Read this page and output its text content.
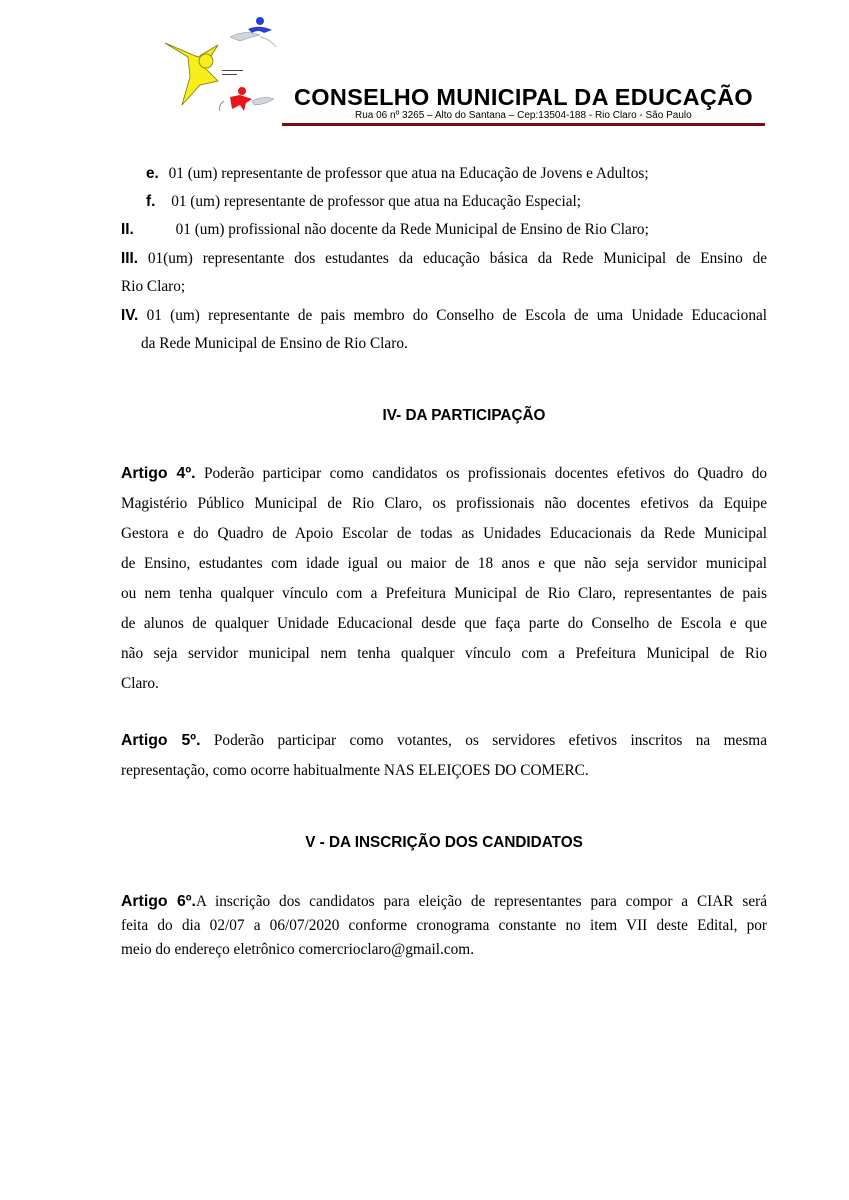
▬▬▬▬▬▬▬
▬▬▬▬▬
CONSELHO MUNICIPAL DA EDUCAÇÃO
Rua 06 nº 3265 – Alto do Santana – Cep:13504-188 - Rio Claro - São Paulo
e. 01 (um) representante de professor que atua na Educação de Jovens e Adultos;
f. 01 (um) representante de professor que atua na Educação Especial;
II.	01 (um) profissional não docente da Rede Municipal de Ensino de Rio Claro;
III. 01(um) representante dos estudantes da educação básica da Rede Municipal de Ensino de
Rio Claro;
IV. 01 (um) representante de pais membro do Conselho de Escola de uma Unidade Educacional
da Rede Municipal de Ensino de Rio Claro.
IV- DA PARTICIPAÇÃO
Artigo 4º. Poderão participar como candidatos os profissionais docentes efetivos do Quadro do
Magistério Público Municipal de Rio Claro, os profissionais não docentes efetivos da Equipe
Gestora e do Quadro de Apoio Escolar de todas as Unidades Educacionais da Rede Municipal
de Ensino, estudantes com idade igual ou maior de 18 anos e que não seja servidor municipal
ou nem tenha qualquer vínculo com a Prefeitura Municipal de Rio Claro, representantes de pais
de alunos de qualquer Unidade Educacional desde que faça parte do Conselho de Escola e que
não seja servidor municipal nem tenha qualquer vínculo com a Prefeitura Municipal de Rio
Claro.
Artigo 5º. Poderão participar como votantes, os servidores efetivos inscritos na mesma
representação, como ocorre habitualmente NAS ELEIÇOES DO COMERC.
V - DA INSCRIÇÃO DOS CANDIDATOS
Artigo 6º.A inscrição dos candidatos para eleição de representantes para compor a CIAR será
feita do dia 02/07 a 06/07/2020 conforme cronograma constante no item VII deste Edital, por
meio do endereço eletrônico comercrioclaro@gmail.com.
